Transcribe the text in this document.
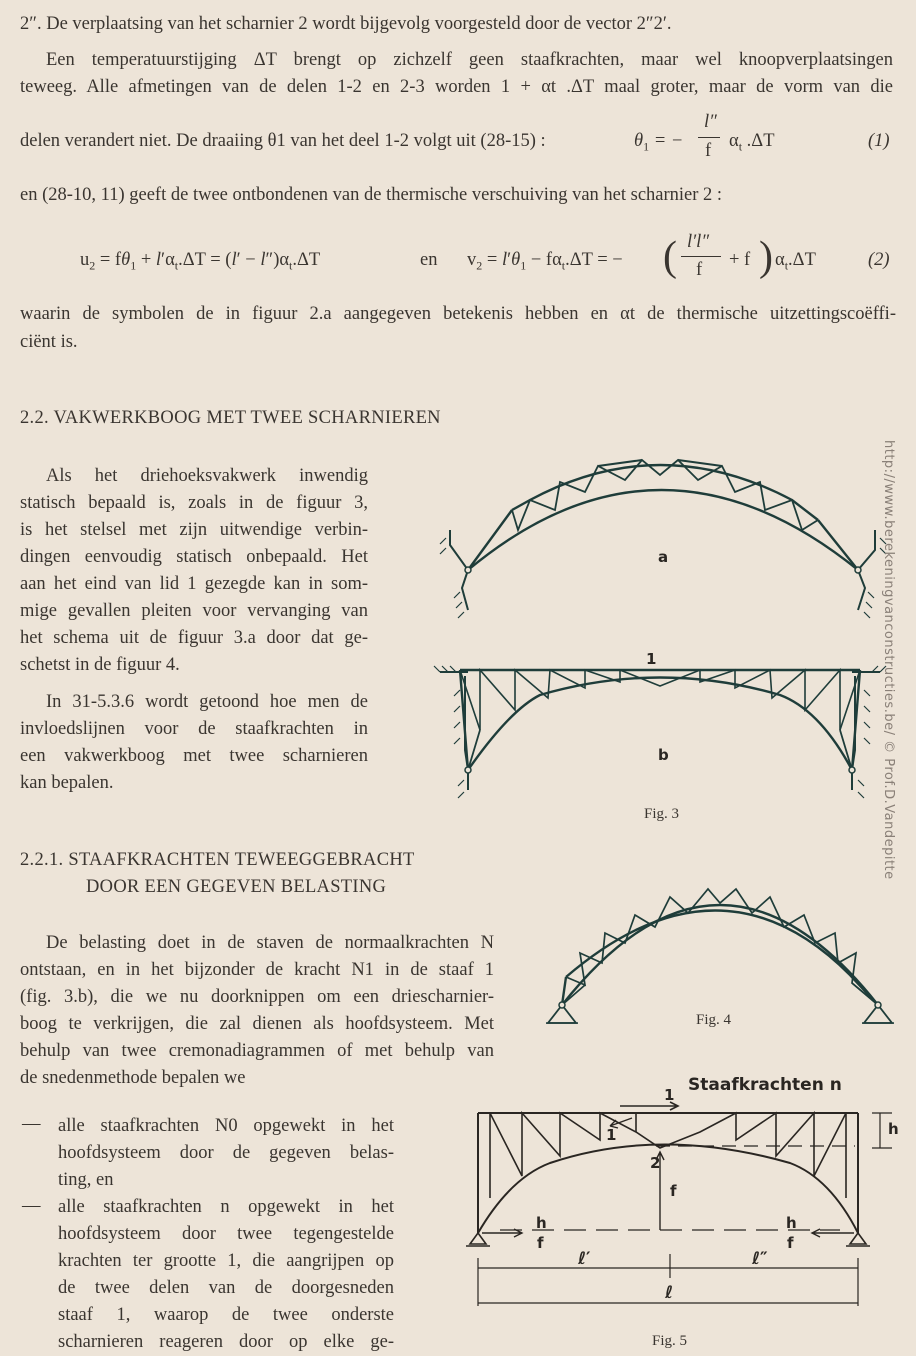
2″. De verplaatsing van het scharnier 2 wordt bijgevolg voorgesteld door de vector 2″2′.
Een temperatuurstijging ΔT brengt op zichzelf geen staafkrachten, maar wel knoopverplaatsingen
teweeg. Alle afmetingen van de delen 1-2 en 2-3 worden 1 + αt .ΔT maal groter, maar de vorm van die
delen verandert niet. De draaiing θ1 van het deel 1-2 volgt uit (28-15) :	$\theta_1$ = −
l″
f $\alpha_t$ .ΔT	(1)
en (28-10, 11) geeft de twee ontbondenen van de thermische verschuiving van het scharnier 2 :
$u_2 = f\theta_1 + l'\alpha_t.\Delta T = (l' - l'')\alpha_t.\Delta T$	en $v_2 = l'\theta_1 - f\alpha_t.\Delta T$ = − ( l′l″
f + f ) $\alpha_t.\Delta T$	(2)
waarin de symbolen de in figuur 2.a aangegeven betekenis hebben en αt de thermische uitzettingscoëffi-
ciënt is.
2.2. VAKWERKBOOG MET TWEE SCHARNIEREN
Als het driehoeksvakwerk inwendig
statisch bepaald is, zoals in de figuur 3,
is het stelsel met zijn uitwendige verbin-
dingen eenvoudig statisch onbepaald. Het
aan het eind van lid 1 gezegde kan in som-
mige gevallen pleiten voor vervanging van
het schema uit de figuur 3.a door dat ge-
schetst in de figuur 4.
In 31-5.3.6 wordt getoond hoe men de
invloedslijnen voor de staafkrachten in
een vakwerkboog met twee scharnieren
kan bepalen.
a
b
1
Fig. 3
2.2.1. STAAFKRACHTEN TEWEEGGEBRACHT
DOOR EEN GEGEVEN BELASTING
De belasting doet in de staven de normaalkrachten N
ontstaan, en in het bijzonder de kracht N1 in de staaf 1
(fig. 3.b), die we nu doorknippen om een driescharnier-
boog te verkrijgen, die zal dienen als hoofdsysteem. Met
behulp van twee cremonadiagrammen of met behulp van
de snedenmethode bepalen we
— alle staafkrachten N0 opgewekt in het
hoofdsysteem door de gegeven belas-
ting, en
— alle staafkrachten n opgewekt in het
hoofdsysteem door twee tegengestelde
krachten ter grootte 1, die aangrijpen op
de twee delen van de doorgesneden
staaf 1, waarop de twee onderste
scharnieren reageren door op elke ge-
Fig. 4
Staafkrachten n
1
1
2
h
f
h
f
h
f
ℓ′	ℓ″
ℓ
Fig. 5
http://www.berekeningvanconstructies.be/ © Prof.D.Vandepitte
